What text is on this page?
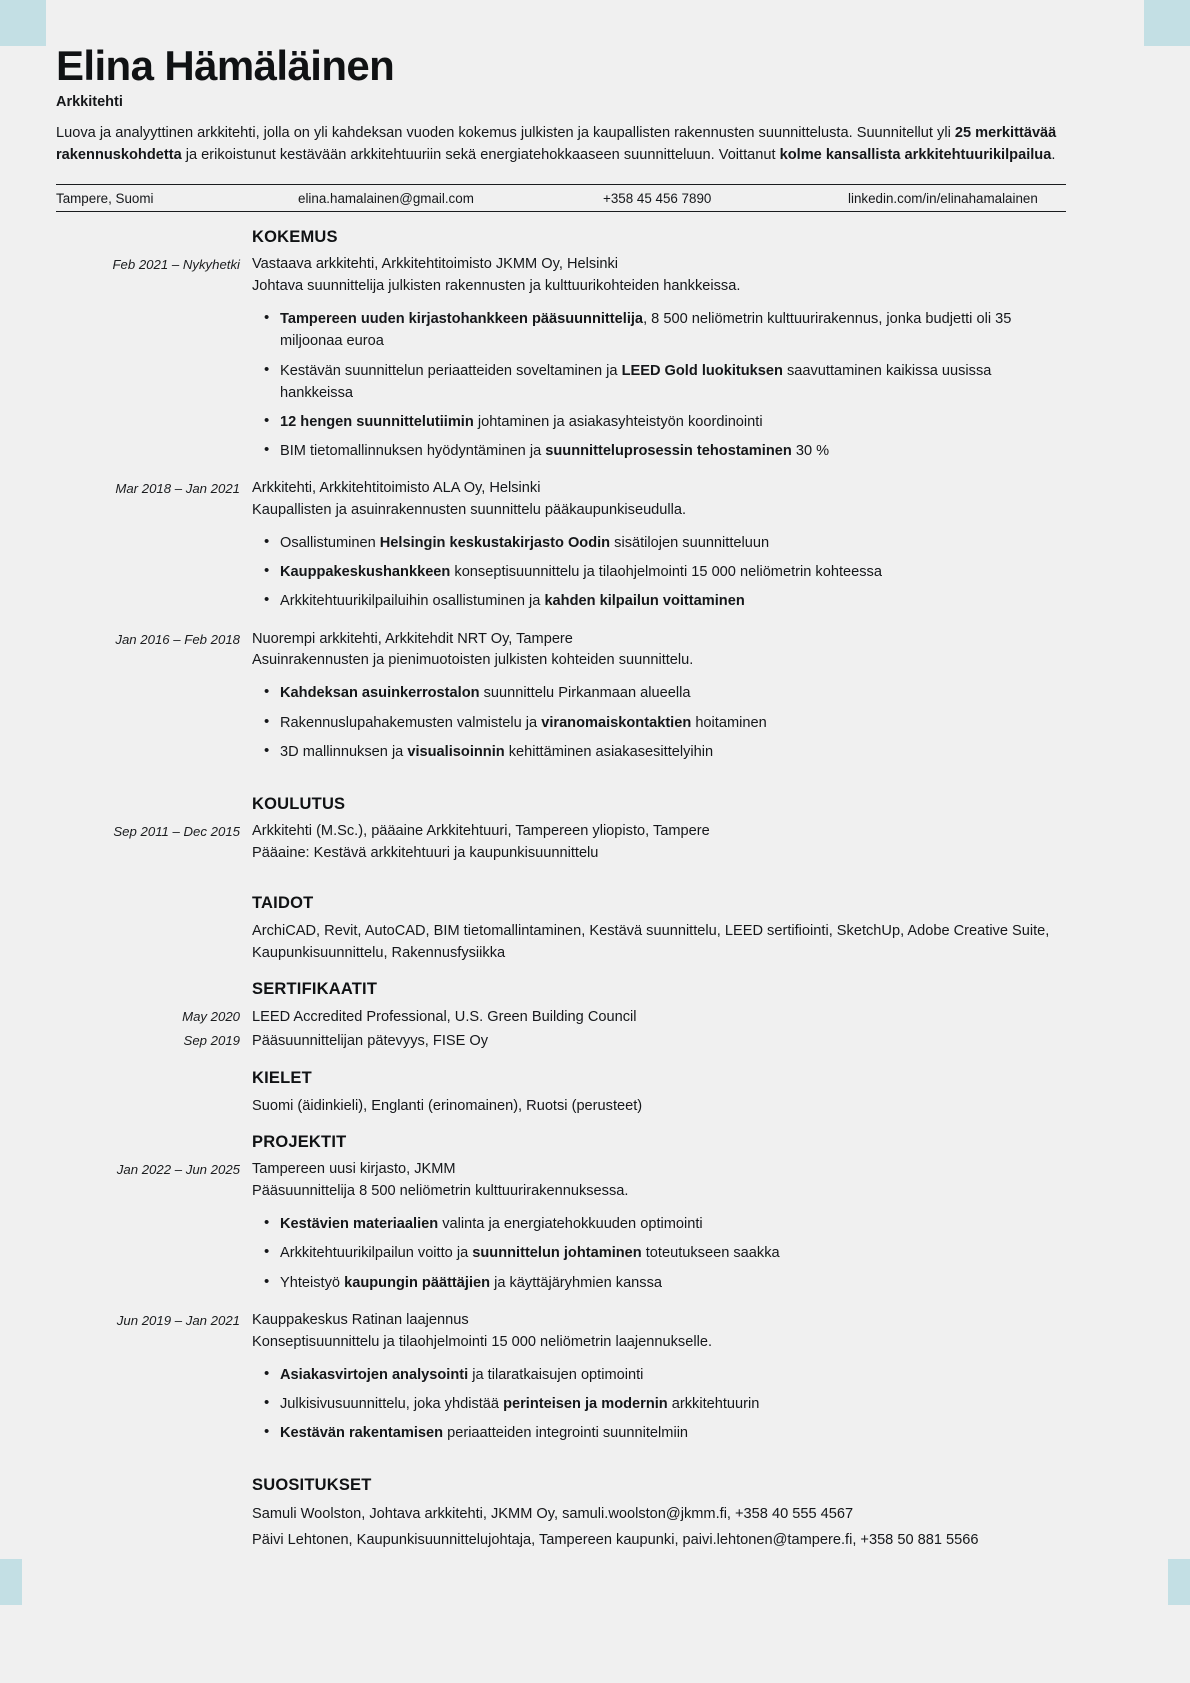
Elina Hämäläinen
Arkkitehti

Luova ja analyyttinen arkkitehti, jolla on yli kahdeksan vuoden kokemus julkisten ja kaupallisten rakennusten suunnittelusta. Suunnitellut yli 25 merkittävää rakennuskohdetta ja erikoistunut kestävään arkkitehtuuriin sekä energiatehokkaaseen suunnitteluun. Voittanut kolme kansallista arkkitehtuurikilpailua.

Tampere, Suomi	elina.hamalainen@gmail.com	+358 45 456 7890	linkedin.com/in/elinahamalainen
KOKEMUS
Feb 2021 – Nykyhetki Vastaava arkkitehti, Arkkitehtitoimisto JKMM Oy, Helsinki
Johtava suunnittelija julkisten rakennusten ja kulttuurikohteiden hankkeissa.
• Tampereen uuden kirjastohankkeen pääsuunnittelija, 8 500 neliömetrin kulttuurirakennus, jonka budjetti oli 35 miljoonaa euroa
• Kestävän suunnittelun periaatteiden soveltaminen ja LEED Gold luokituksen saavuttaminen kaikissa uusissa hankkeissa
• 12 hengen suunnittelutiimin johtaminen ja asiakasyhteistyön koordinointi
• BIM tietomallinnuksen hyödyntäminen ja suunnitteluprosessin tehostaminen 30 %
Mar 2018 – Jan 2021 Arkkitehti, Arkkitehtitoimisto ALA Oy, Helsinki
Kaupallisten ja asuinrakennusten suunnittelu pääkaupunkiseudulla.
• Osallistuminen Helsingin keskustakirjasto Oodin sisätilojen suunnitteluun
• Kauppakeskushankkeen konseptisuunnittelu ja tilaohjelmointi 15 000 neliömetrin kohteessa
• Arkkitehtuurikilpailuihin osallistuminen ja kahden kilpailun voittaminen
Jan 2016 – Feb 2018 Nuorempi arkkitehti, Arkkitehdit NRT Oy, Tampere
Asuinrakennusten ja pienimuotoisten julkisten kohteiden suunnittelu.
• Kahdeksan asuinkerrostalon suunnittelu Pirkanmaan alueella
• Rakennuslupahakemusten valmistelu ja viranomaiskontaktien hoitaminen
• 3D mallinnuksen ja visualisoinnin kehittäminen asiakasesittelyihin
KOULUTUS
Sep 2011 – Dec 2015 Arkkitehti (M.Sc.), pääaine Arkkitehtuuri, Tampereen yliopisto, Tampere
Pääaine: Kestävä arkkitehtuuri ja kaupunkisuunnittelu
TAIDOT
ArchiCAD, Revit, AutoCAD, BIM tietomallintaminen, Kestävä suunnittelu, LEED sertifiointi, SketchUp, Adobe Creative Suite, Kaupunkisuunnittelu, Rakennusfysiikka
SERTIFIKAATIT
May 2020 LEED Accredited Professional, U.S. Green Building Council
Sep 2019 Pääsuunnittelijan pätevyys, FISE Oy
KIELET
Suomi (äidinkieli), Englanti (erinomainen), Ruotsi (perusteet)
PROJEKTIT
Jan 2022 – Jun 2025 Tampereen uusi kirjasto, JKMM
Pääsuunnittelija 8 500 neliömetrin kulttuurirakennuksessa.
• Kestävien materiaalien valinta ja energiatehokkuuden optimointi
• Arkkitehtuurikilpailun voitto ja suunnittelun johtaminen toteutukseen saakka
• Yhteistyö kaupungin päättäjien ja käyttäjäryhmien kanssa
Jun 2019 – Jan 2021 Kauppakeskus Ratinan laajennus
Konseptisuunnittelu ja tilaohjelmointi 15 000 neliömetrin laajennukselle.
• Asiakasvirtojen analysointi ja tilaratkaisujen optimointi
• Julkisivusuunnittelu, joka yhdistää perinteisen ja modernin arkkitehtuurin
• Kestävän rakentamisen periaatteiden integrointi suunnitelmiin
SUOSITUKSET
Samuli Woolston, Johtava arkkitehti, JKMM Oy, samuli.woolston@jkmm.fi, +358 40 555 4567
Päivi Lehtonen, Kaupunkisuunnittelujohtaja, Tampereen kaupunki, paivi.lehtonen@tampere.fi, +358 50 881 5566
